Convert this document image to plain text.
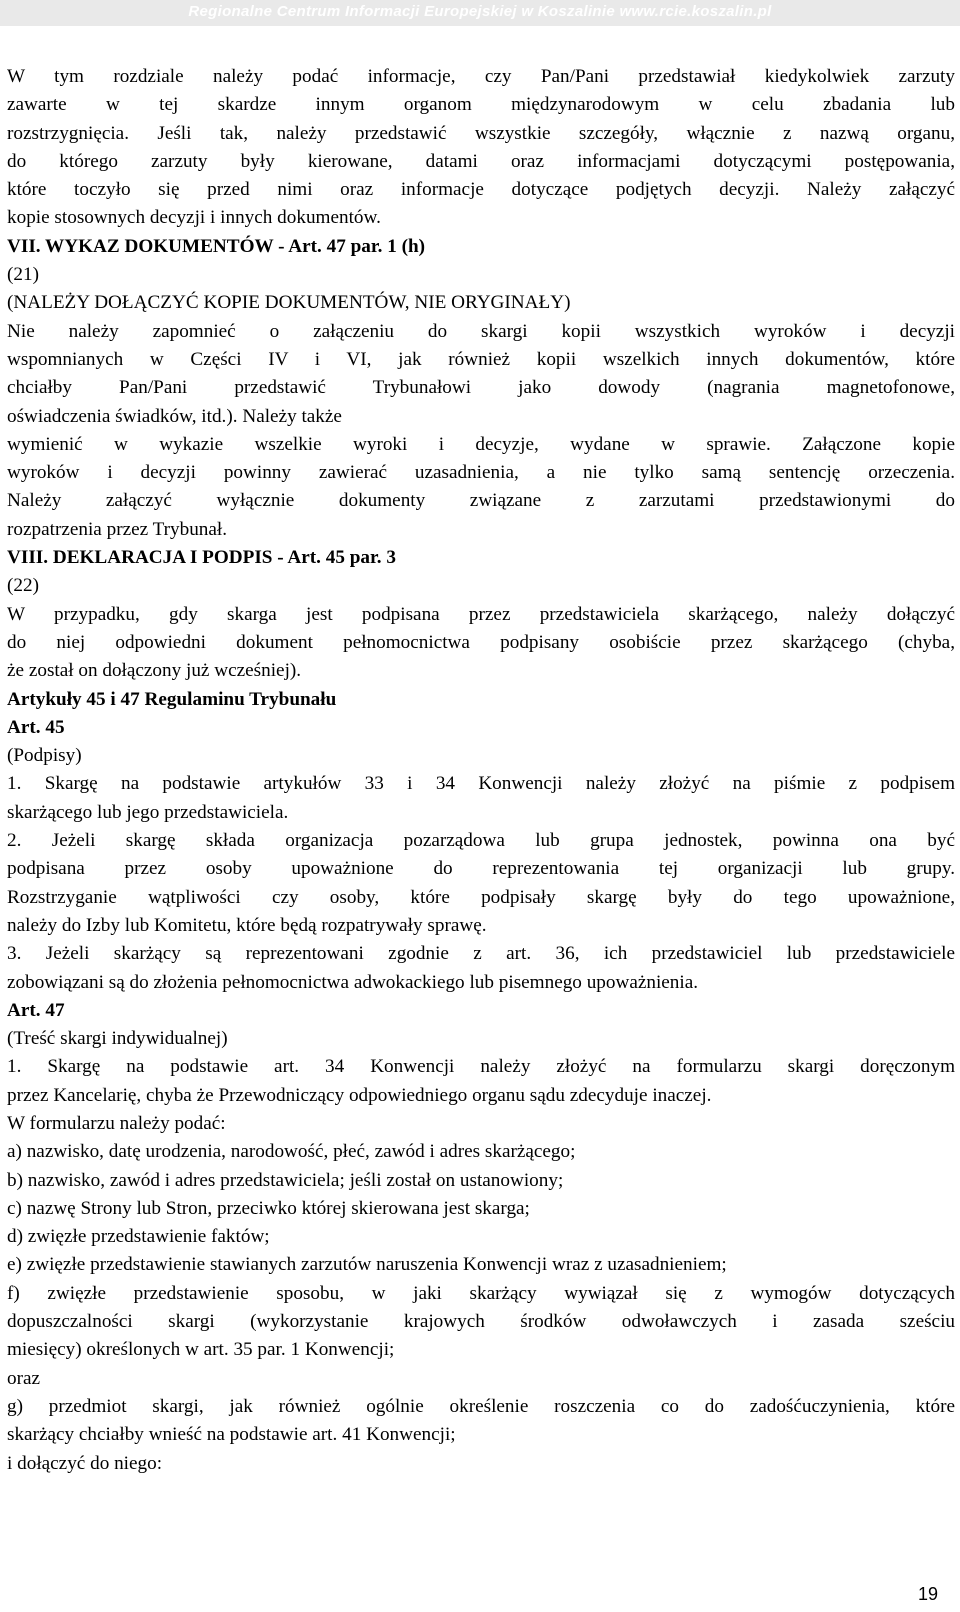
Regionalne Centrum Informacji Europejskiej w Koszalinie www.rcie.koszalin.pl

W tym rozdziale należy podać informacje, czy Pan/Pani przedstawiał kiedykolwiek zarzuty

zawarte w tej skardze innym organom międzynarodowym w celu zbadania lub

rozstrzygnięcia. Jeśli tak, należy przedstawić wszystkie szczegóły, włącznie z nazwą organu,

do którego zarzuty były kierowane, datami oraz informacjami dotyczącymi postępowania,

które toczyło się przed nimi oraz informacje dotyczące podjętych decyzji. Należy załączyć

kopie stosownych decyzji i innych dokumentów.

VII. WYKAZ DOKUMENTÓW - Art. 47 par. 1 (h)

(21)

(NALEŻY DOŁĄCZYĆ KOPIE DOKUMENTÓW, NIE ORYGINAŁY)

Nie należy zapomnieć o załączeniu do skargi kopii wszystkich wyroków i decyzji

wspomnianych w Części IV i VI, jak również kopii wszelkich innych dokumentów, które

chciałby Pan/Pani przedstawić Trybunałowi jako dowody (nagrania magnetofonowe,

oświadczenia świadków, itd.). Należy także

wymienić w wykazie wszelkie wyroki i decyzje, wydane w sprawie. Załączone kopie

wyroków i decyzji powinny zawierać uzasadnienia, a nie tylko samą sentencję orzeczenia.

Należy załączyć wyłącznie dokumenty związane z zarzutami przedstawionymi do

rozpatrzenia przez Trybunał.

VIII. DEKLARACJA I PODPIS - Art. 45 par. 3

(22)

W przypadku, gdy skarga jest podpisana przez przedstawiciela skarżącego, należy dołączyć

do niej odpowiedni dokument pełnomocnictwa podpisany osobiście przez skarżącego (chyba,

że został on dołączony już wcześniej).

Artykuły 45 i 47 Regulaminu Trybunału

Art. 45

(Podpisy)

1. Skargę na podstawie artykułów 33 i 34 Konwencji należy złożyć na piśmie z podpisem

skarżącego lub jego przedstawiciela.

2. Jeżeli skargę składa organizacja pozarządowa lub grupa jednostek, powinna ona być

podpisana przez osoby upoważnione do reprezentowania tej organizacji lub grupy.

Rozstrzyganie wątpliwości czy osoby, które podpisały skargę były do tego upoważnione,

należy do Izby lub Komitetu, które będą rozpatrywały sprawę.

3. Jeżeli skarżący są reprezentowani zgodnie z art. 36, ich przedstawiciel lub przedstawiciele

zobowiązani są do złożenia pełnomocnictwa adwokackiego lub pisemnego upoważnienia.

Art. 47

(Treść skargi indywidualnej)

1. Skargę na podstawie art. 34 Konwencji należy złożyć na formularzu skargi doręczonym

przez Kancelarię, chyba że Przewodniczący odpowiedniego organu sądu zdecyduje inaczej.

W formularzu należy podać:

a) nazwisko, datę urodzenia, narodowość, płeć, zawód i adres skarżącego;

b) nazwisko, zawód i adres przedstawiciela; jeśli został on ustanowiony;

c) nazwę Strony lub Stron, przeciwko której skierowana jest skarga;

d) zwięzłe przedstawienie faktów;

e) zwięzłe przedstawienie stawianych zarzutów naruszenia Konwencji wraz z uzasadnieniem;

f) zwięzłe przedstawienie sposobu, w jaki skarżący wywiązał się z wymogów dotyczących

dopuszczalności skargi (wykorzystanie krajowych środków odwoławczych i zasada sześciu

miesięcy) określonych w art. 35 par. 1 Konwencji;

oraz

g) przedmiot skargi, jak również ogólnie określenie roszczenia co do zadośćuczynienia, które

skarżący chciałby wnieść na podstawie art. 41 Konwencji;

i dołączyć do niego:

19
